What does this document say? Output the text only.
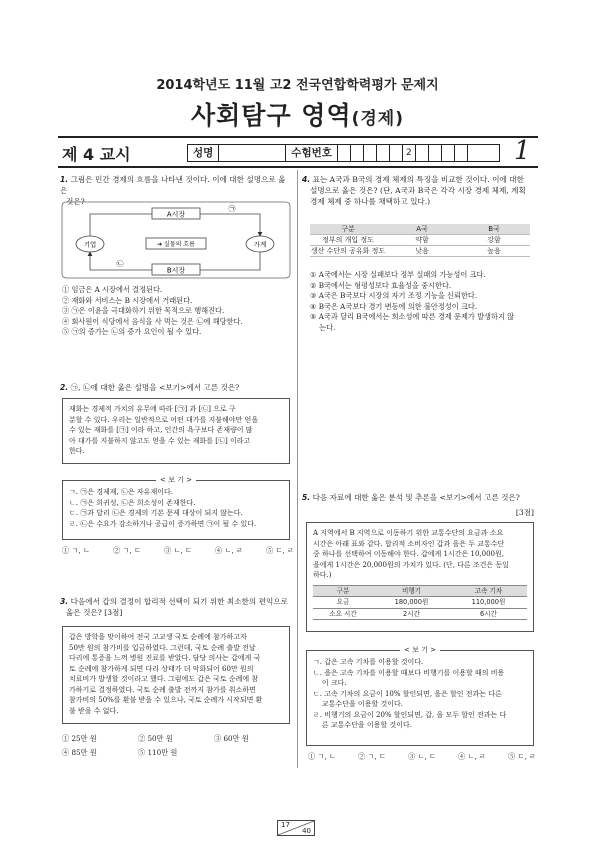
2014학년도 11월 고2 전국연합학력평가 문제지
사회탐구 영역(경제)
제 4 교시	성명	수험번호	2	1
1. 그림은 민간 경제의 흐름을 나타낸 것이다. 이에 대한 설명으로 옳은
것은?
A시장
B시장
기업	가계
➔ 실물의 흐름
㉠
㉡
① 임금은 A 시장에서 결정된다.
② 재화와 서비스는 B 시장에서 거래된다.
③ ㉠은 이윤을 극대화하기 위한 목적으로 행해진다.
④ 회사원이 식당에서 음식을 사 먹는 것은 ㉡에 해당한다.
⑤ ㉠의 증가는 ㉡의 증가 요인이 될 수 있다.
2. ㉠, ㉡에 대한 옳은 설명을 <보기>에서 고른 것은?
재화는 경제적 가치의 유무에 따라 [㉠] 과 [㉡] 으로 구
분할 수 있다. 우리는 일반적으로 어떤 대가를 지불해야만 얻을
수 있는 재화를 [㉠] 이라 하고, 인간의 욕구보다 존재량이 많
아 대가를 지불하지 않고도 얻을 수 있는 재화를 [㉡] 이라고
한다.
< 보 기 >
ㄱ. ㉠은 경제재, ㉡은 자유재이다.
ㄴ. ㉠은 희귀성, ㉡은 희소성이 존재한다.
ㄷ. ㉠과 달리 ㉡은 경제의 기본 문제 대상이 되지 않는다.
ㄹ. ㉡은 수요가 감소하거나 공급이 증가하면 ㉠이 될 수 있다.
① ㄱ, ㄴ	② ㄱ, ㄷ	③ ㄴ, ㄷ	④ ㄴ, ㄹ	⑤ ㄷ, ㄹ
3. 다음에서 갑의 결정이 합리적 선택이 되기 위한 최소한의 편익으로
옳은 것은? [3점]
갑은 방학을 맞이하여 전국 고교생 국토 순례에 참가하고자
50만 원의 참가비를 입금하였다. 그런데, 국토 순례 출발 전날
다리에 통증을 느껴 병원 진료를 받았다. 담당 의사는 갑에게 국
토 순례에 참가하게 되면 다리 상태가 더 악화되어 60만 원의
치료비가 발생할 것이라고 했다. 그럼에도 갑은 국토 순례에 참
가하기로 결정하였다. 국토 순례 출발 전까지 참가를 취소하면
참가비의 50%를 환불 받을 수 있으나, 국토 순례가 시작되면 환
불 받을 수 없다.
① 25만 원	② 50만 원	③ 60만 원
④ 85만 원	⑤ 110만 원
4. 표는 A국과 B국의 경제 체제의 특징을 비교한 것이다. 이에 대한
설명으로 옳은 것은? (단, A국과 B국은 각각 시장 경제 체제, 계획
경제 체제 중 하나를 채택하고 있다.)
구분	A국	B국
정부의 개입 정도	약함	강함
생산 수단의 공유화 정도	낮음	높음
① A국에서는 시장 실패보다 정부 실패의 가능성이 크다.
② B국에서는 형평성보다 효율성을 중시한다.
③ A국은 B국보다 시장의 자기 조정 기능을 신뢰한다.
④ B국은 A국보다 경기 변동에 의한 불안정성이 크다.
⑤ A국과 달리 B국에서는 희소성에 따른 경제 문제가 발생하지 않
는다.
5. 다음 자료에 대한 옳은 분석 및 추론을 <보기>에서 고른 것은?
[3점]
A 지역에서 B 지역으로 이동하기 위한 교통수단의 요금과 소요
시간은 아래 표와 같다. 합리적 소비자인 갑과 을은 두 교통수단
중 하나를 선택하여 이동해야 한다. 갑에게 1시간은 10,000원,
을에게 1시간은 20,000원의 가치가 있다. (단, 다른 조건은 동일
하다.)
구분	비행기	고속 기차
요금	180,000원	110,000원
소요 시간	2시간	6시간
< 보 기 >
ㄱ. 갑은 고속 기차를 이용할 것이다.
ㄴ. 을은 고속 기차를 이용할 때보다 비행기를 이용할 때의 비용
이 크다.
ㄷ. 고속 기차의 요금이 10% 할인되면, 을은 할인 전과는 다른
교통수단을 이용할 것이다.
ㄹ. 비행기의 요금이 20% 할인되면, 갑, 을 모두 할인 전과는 다
른 교통수단을 이용할 것이다.
① ㄱ, ㄴ	② ㄱ, ㄷ	③ ㄴ, ㄷ	④ ㄴ, ㄹ	⑤ ㄷ, ㄹ
17
40
